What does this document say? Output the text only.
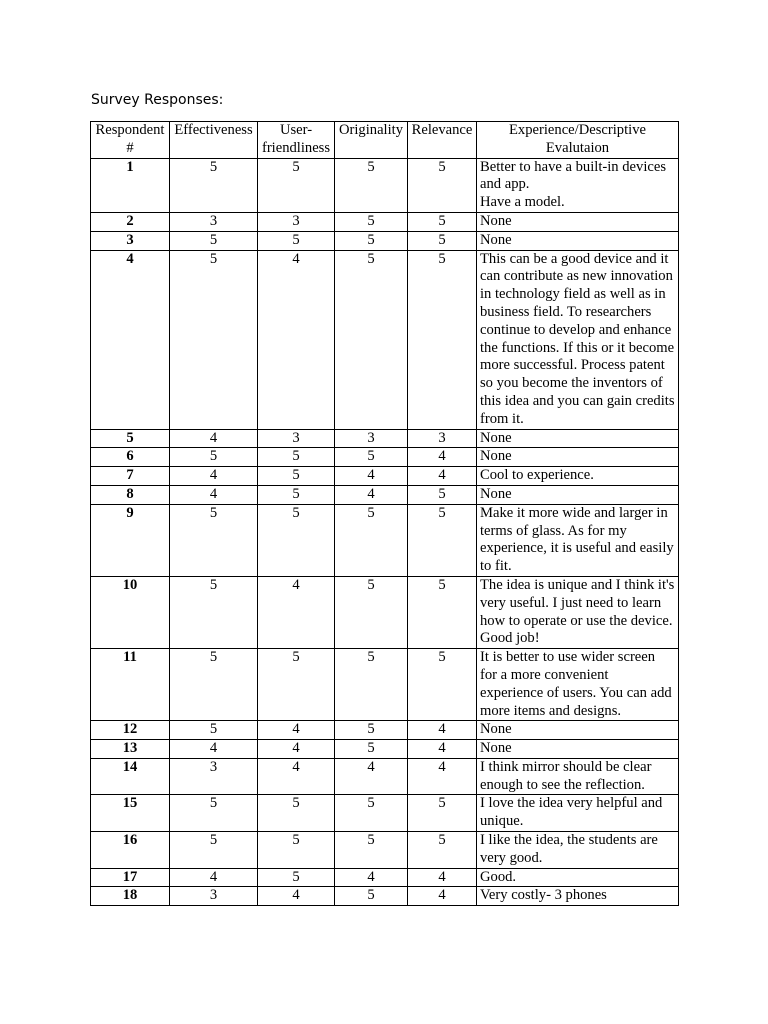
Survey Responses:
Respondent #	Effectiveness	User-friendliness	Originality	Relevance	Experience/Descriptive Evalutaion
1	5	5	5	5	Better to have a built-in devices and app.
Have a model.
2	3	3	5	5	None
3	5	5	5	5	None
4	5	4	5	5	This can be a good device and it can contribute as new innovation in technology field as well as in business field. To researchers continue to develop and enhance the functions. If this or it become more successful. Process patent so you become the inventors of this idea and you can gain credits from it.
5	4	3	3	3	None
6	5	5	5	4	None
7	4	5	4	4	Cool to experience.
8	4	5	4	5	None
9	5	5	5	5	Make it more wide and larger in terms of glass. As for my experience, it is useful and easily to fit.
10	5	4	5	5	The idea is unique and I think it's very useful. I just need to learn how to operate or use the device. Good job!
11	5	5	5	5	It is better to use wider screen for a more convenient experience of users. You can add more items and designs.
12	5	4	5	4	None
13	4	4	5	4	None
14	3	4	4	4	I think mirror should be clear enough to see the reflection.
15	5	5	5	5	I love the idea very helpful and unique.
16	5	5	5	5	I like the idea, the students are very good.
17	4	5	4	4	Good.
18	3	4	5	4	Very costly- 3 phones
